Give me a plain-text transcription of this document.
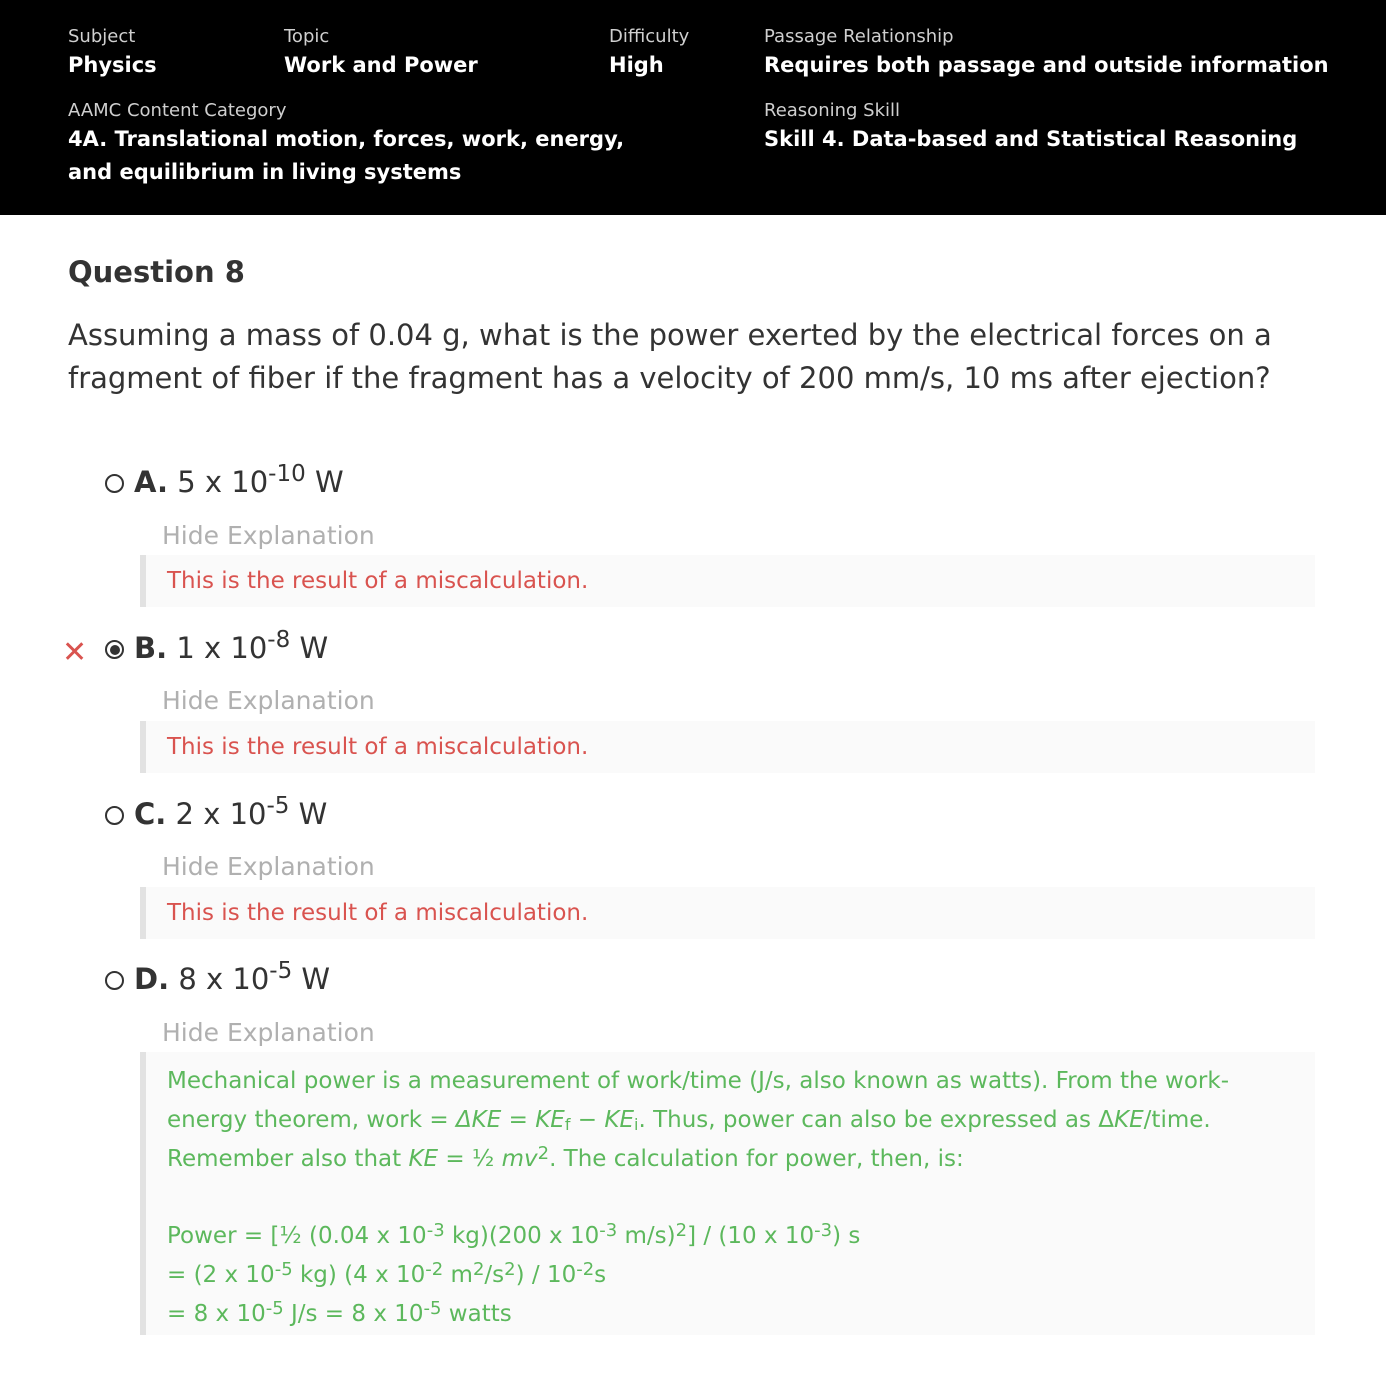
Subject
Physics
Topic
Work and Power
Difficulty
High
Passage Relationship
Requires both passage and outside information
AAMC Content Category
4A. Translational motion, forces, work, energy, and equilibrium in living systems
Reasoning Skill
Skill 4. Data-based and Statistical Reasoning
Question 8
Assuming a mass of 0.04 g, what is the power exerted by the electrical forces on a fragment of fiber if the fragment has a velocity of 200 mm/s, 10 ms after ejection?
A. 5 x $10^{-10}$ W
Hide Explanation
This is the result of a miscalculation.
✕ B. 1 x $10^{-8}$ W
Hide Explanation
This is the result of a miscalculation.
C. 2 x $10^{-5}$ W
Hide Explanation
This is the result of a miscalculation.
D. 8 x $10^{-5}$ W
Hide Explanation

Mechanical power is a measurement of work/time (J/s, also known as watts). From the work-energy theorem, work = $\Delta KE = KE_f - KE_i$. Thus, power can also be expressed as ΔKE/time. Remember also that KE = ½ $mv^2$. The calculation for power, then, is:

Power = [½ (0.04 x $10^{-3}$ kg)(200 x $10^{-3}$ m/s)$^2$] / (10 x $10^{-3}$) s
= (2 x $10^{-5}$ kg) (4 x $10^{-2}$ $m^2/s^2) / 10^{-2}s$
= 8 x $10^{-5}$ J/s = 8 x $10^{-5}$ watts
